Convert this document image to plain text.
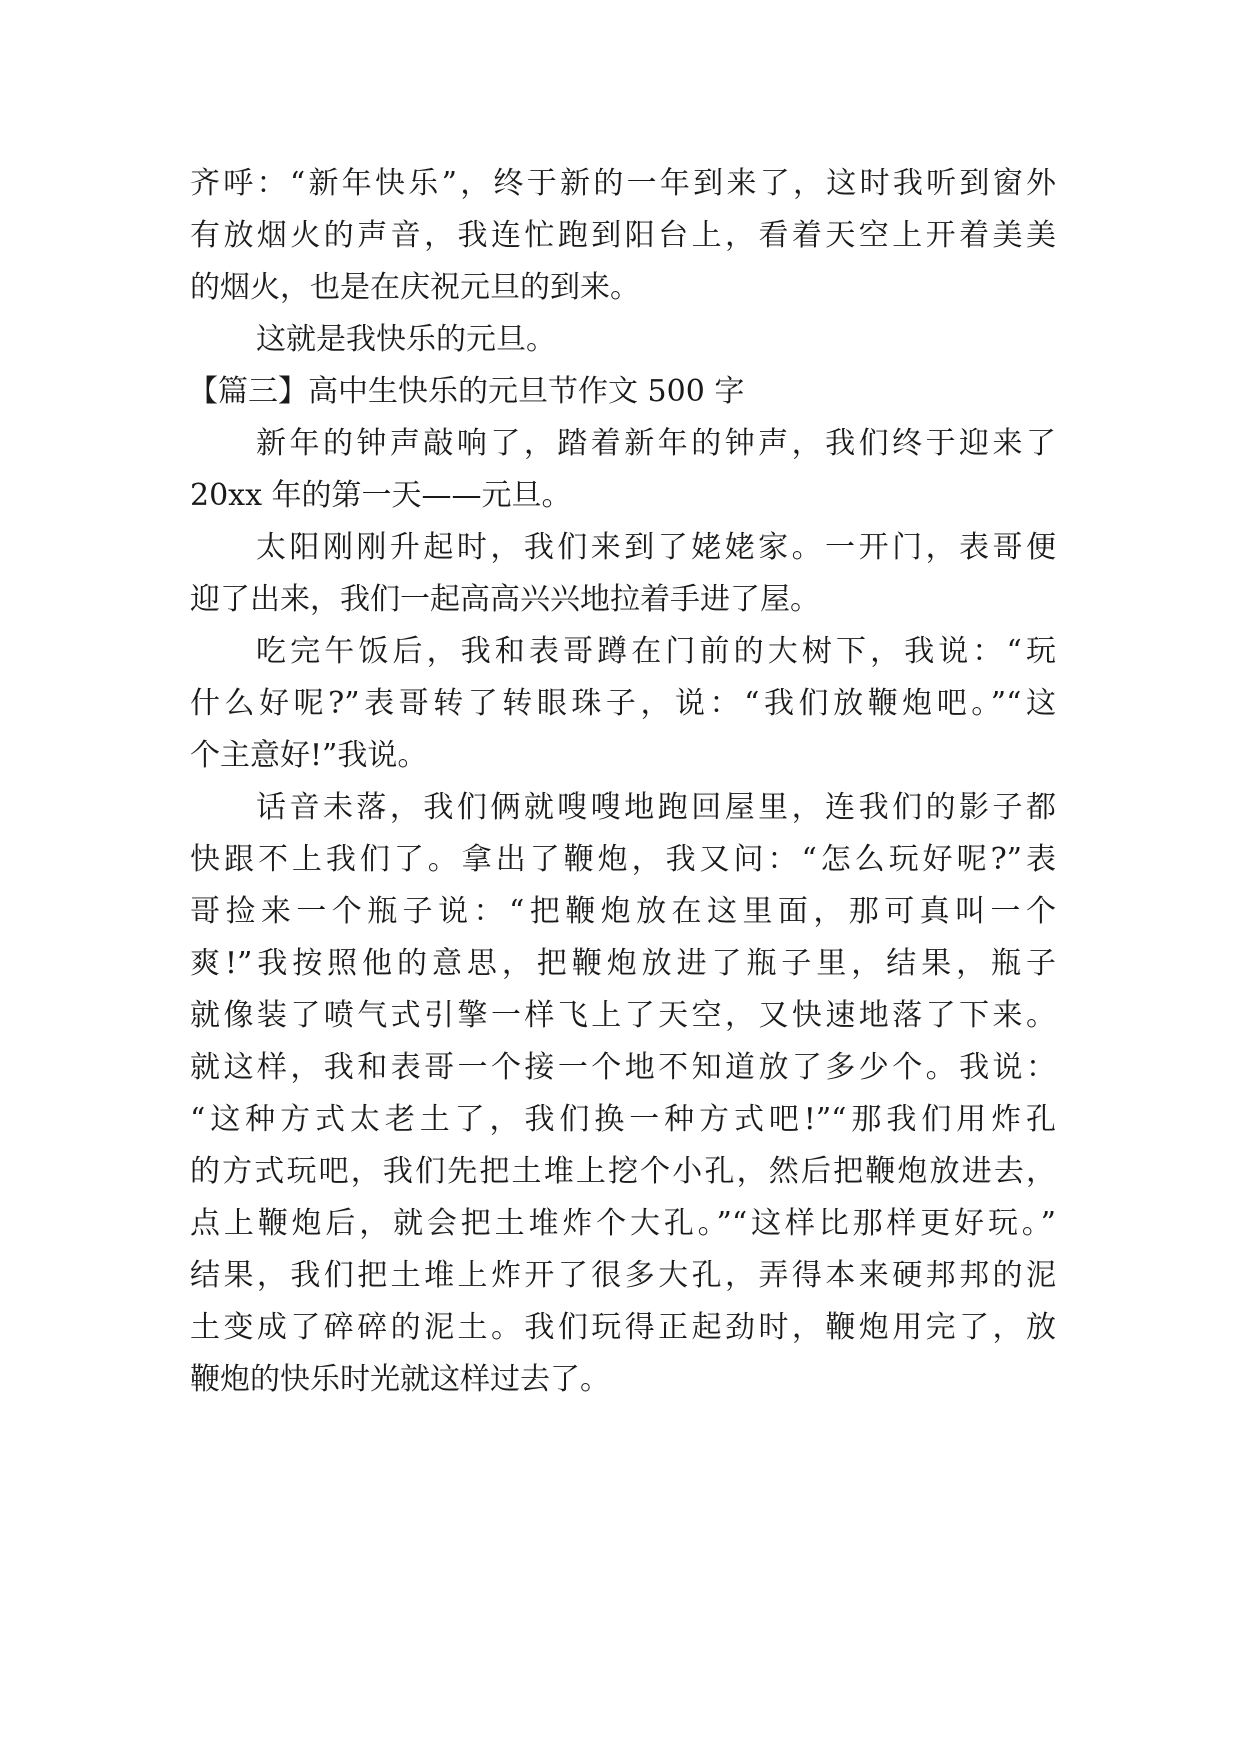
齐呼：“新年快乐”，终于新的一年到来了，这时我听到窗外
有放烟火的声音，我连忙跑到阳台上，看着天空上开着美美
的烟火，也是在庆祝元旦的到来。
这就是我快乐的元旦。
【篇三】高中生快乐的元旦节作文 500 字
新年的钟声敲响了，踏着新年的钟声，我们终于迎来了
20xx 年的第一天——元旦。
太阳刚刚升起时，我们来到了姥姥家。一开门，表哥便
迎了出来，我们一起高高兴兴地拉着手进了屋。
吃完午饭后，我和表哥蹲在门前的大树下，我说：“玩
什么好呢?”表哥转了转眼珠子，说：“我们放鞭炮吧。”“这
个主意好!”我说。
话音未落，我们俩就嗖嗖地跑回屋里，连我们的影子都
快跟不上我们了。拿出了鞭炮，我又问：“怎么玩好呢?”表
哥捡来一个瓶子说：“把鞭炮放在这里面，那可真叫一个
爽!”我按照他的意思，把鞭炮放进了瓶子里，结果，瓶子
就像装了喷气式引擎一样飞上了天空，又快速地落了下来。
就这样，我和表哥一个接一个地不知道放了多少个。我说：
“这种方式太老土了，我们换一种方式吧!”“那我们用炸孔
的方式玩吧，我们先把土堆上挖个小孔，然后把鞭炮放进去，
点上鞭炮后，就会把土堆炸个大孔。”“这样比那样更好玩。”
结果，我们把土堆上炸开了很多大孔，弄得本来硬邦邦的泥
土变成了碎碎的泥土。我们玩得正起劲时，鞭炮用完了，放
鞭炮的快乐时光就这样过去了。
